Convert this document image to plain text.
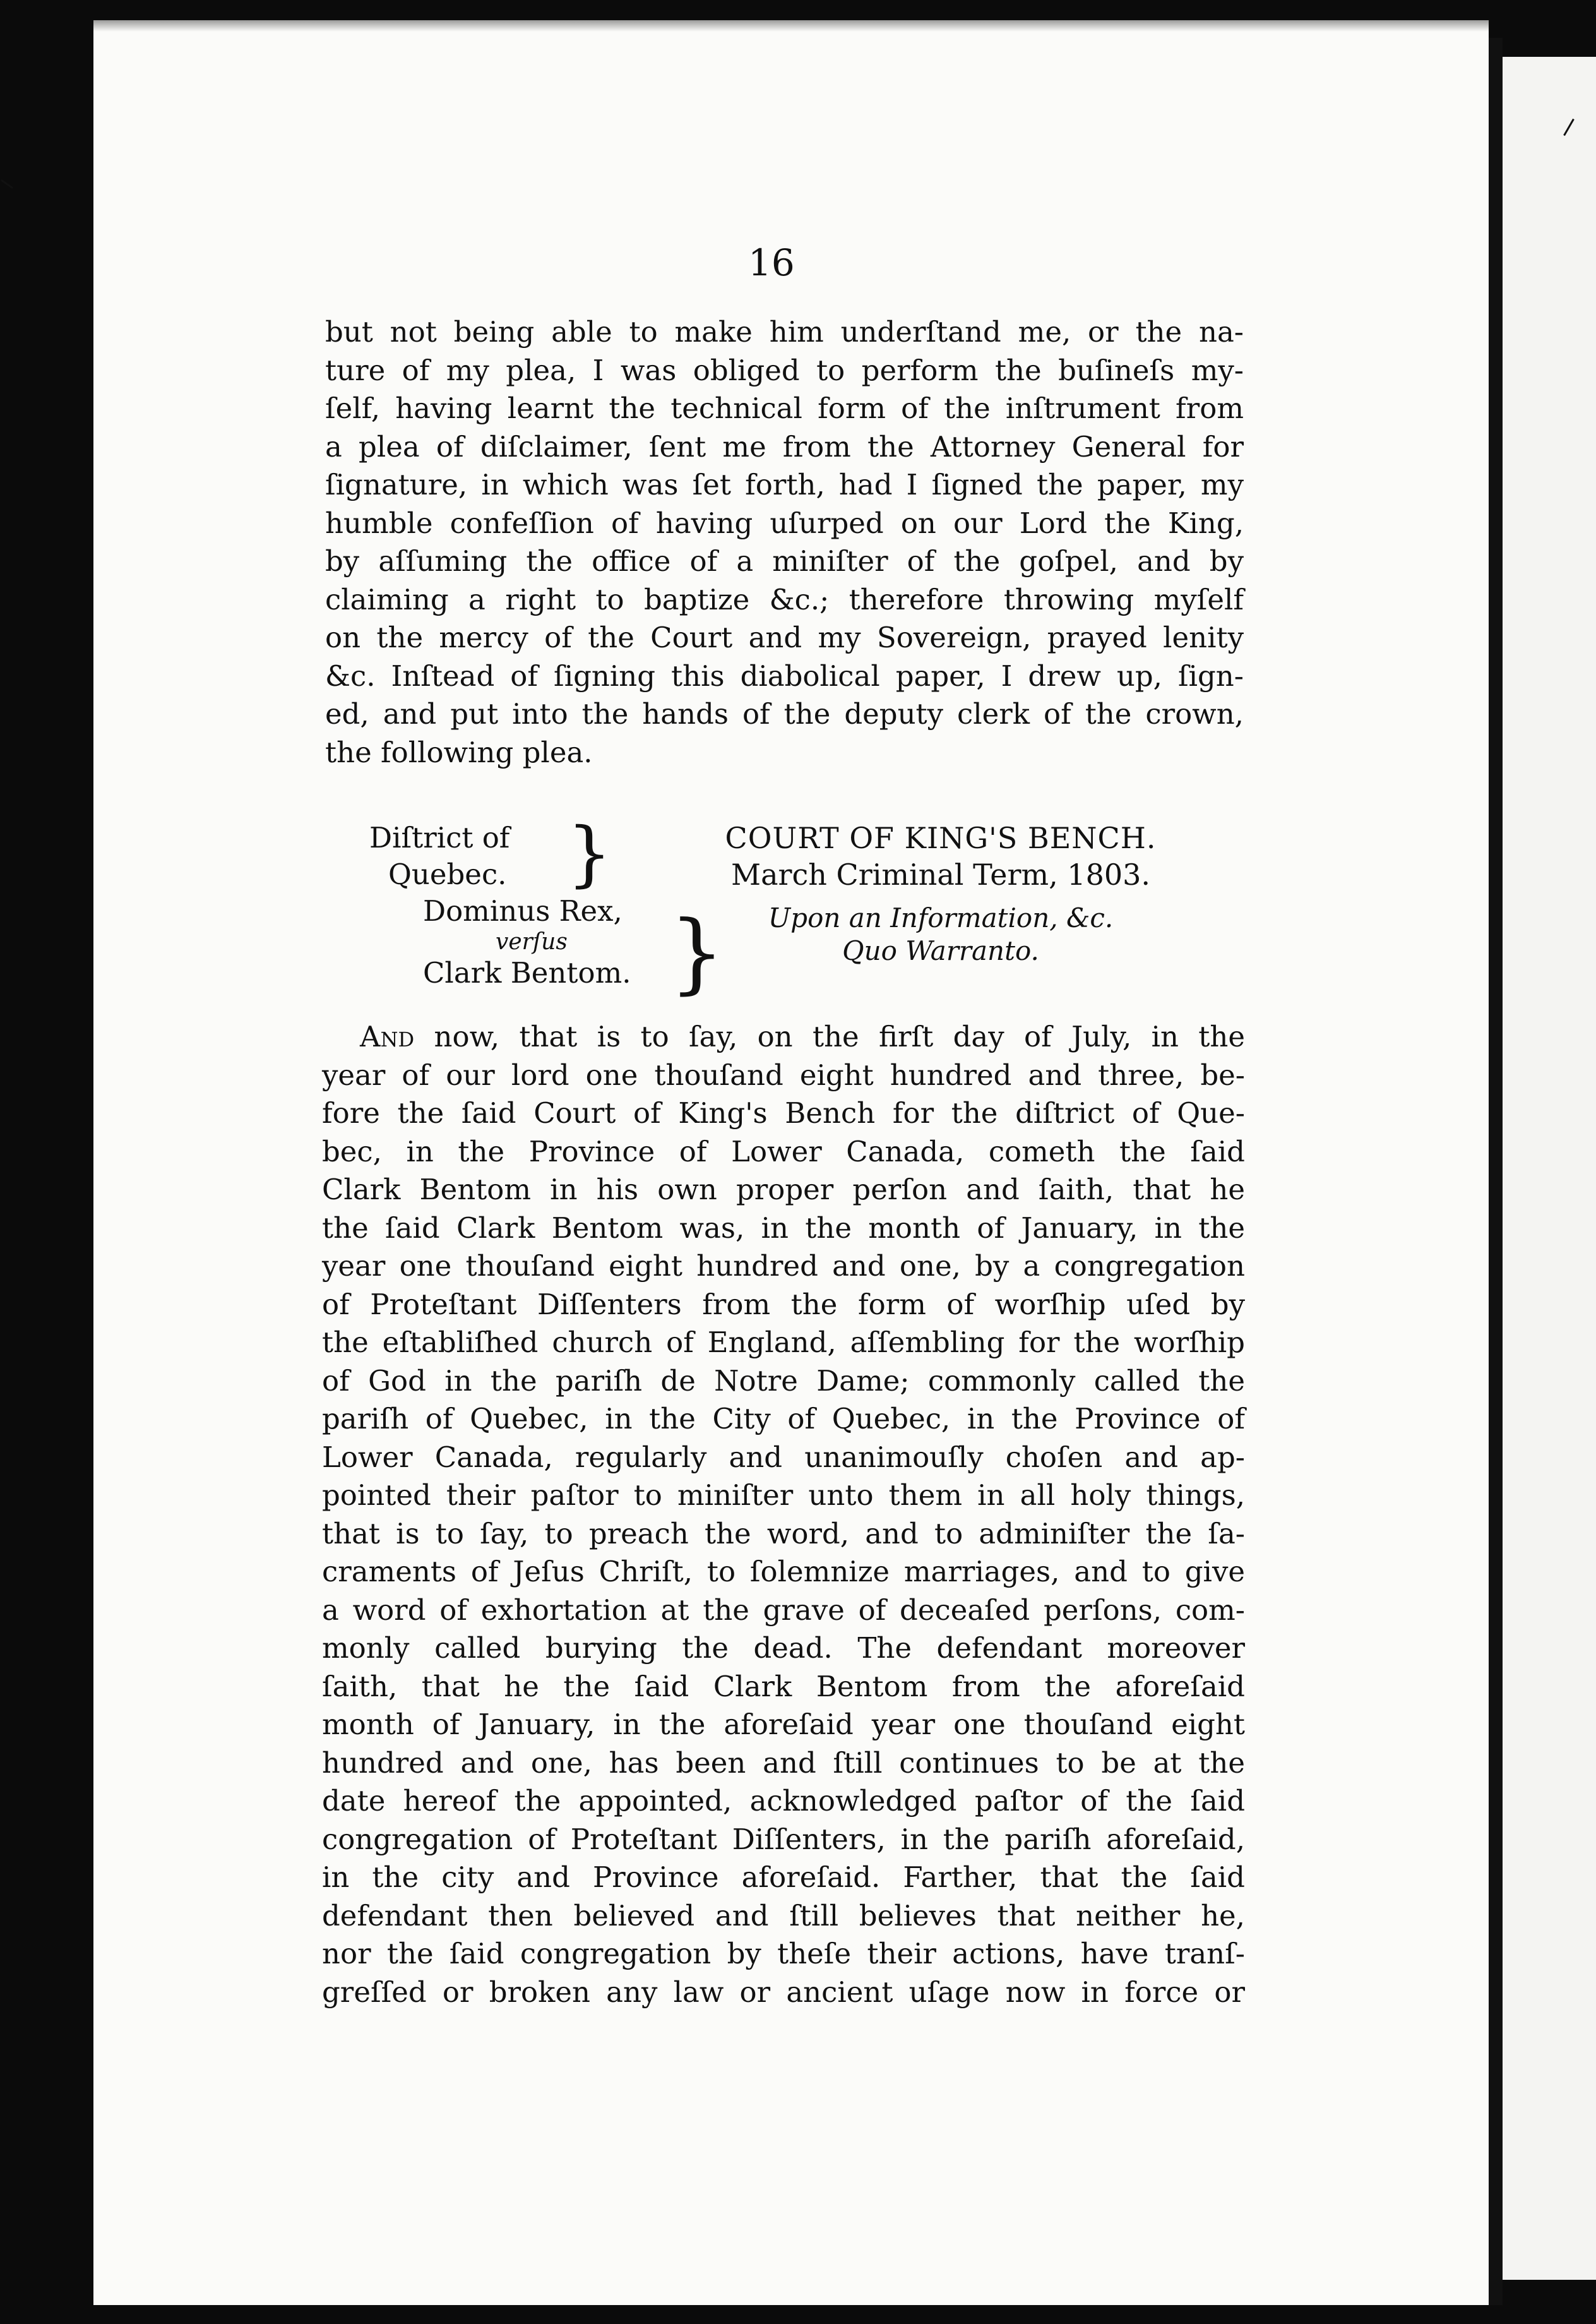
16
but not being able to make him underſtand me, or the na-
ture of my plea, I was obliged to perform the buſineſs my-
ſelf, having learnt the technical form of the inſtrument from
a plea of diſclaimer, ſent me from the Attorney General for
ſignature, in which was ſet forth, had I ſigned the paper, my
humble confeſſion of having uſurped on our Lord the King,
by aſſuming the office of a miniſter of the goſpel, and by
claiming a right to baptize &c.; therefore throwing myſelf
on the mercy of the Court and my Sovereign, prayed lenity
&c. Inſtead of ſigning this diabolical paper, I drew up, ſign-
ed, and put into the hands of the deputy clerk of the crown,
the following plea.
Diſtrict of
Quebec.
Dominus Rex,
verſus
Clark Bentom.
}
}
COURT OF KING'S BENCH.
March Criminal Term, 1803.
Upon an Information, &c.
Quo Warranto.
And now, that is to ſay, on the firſt day of July, in the
year of our lord one thouſand eight hundred and three, be-
fore the ſaid Court of King's Bench for the diſtrict of Que-
bec, in the Province of Lower Canada, cometh the ſaid
Clark Bentom in his own proper perſon and ſaith, that he
the ſaid Clark Bentom was, in the month of January, in the
year one thouſand eight hundred and one, by a congregation
of Proteſtant Diſſenters from the form of worſhip uſed by
the eſtabliſhed church of England, aſſembling for the worſhip
of God in the pariſh de Notre Dame; commonly called the
pariſh of Quebec, in the City of Quebec, in the Province of
Lower Canada, regularly and unanimouſly choſen and ap-
pointed their paſtor to miniſter unto them in all holy things,
that is to ſay, to preach the word, and to adminiſter the ſa-
craments of Jeſus Chriſt, to ſolemnize marriages, and to give
a word of exhortation at the grave of deceaſed perſons, com-
monly called burying the dead. The defendant moreover
ſaith, that he the ſaid Clark Bentom from the aforeſaid
month of January, in the aforeſaid year one thouſand eight
hundred and one, has been and ſtill continues to be at the
date hereof the appointed, acknowledged paſtor of the ſaid
congregation of Proteſtant Diſſenters, in the pariſh aforeſaid,
in the city and Province aforeſaid. Farther, that the ſaid
defendant then believed and ſtill believes that neither he,
nor the ſaid congregation by theſe their actions, have tranſ-
greſſed or broken any law or ancient uſage now in force or
